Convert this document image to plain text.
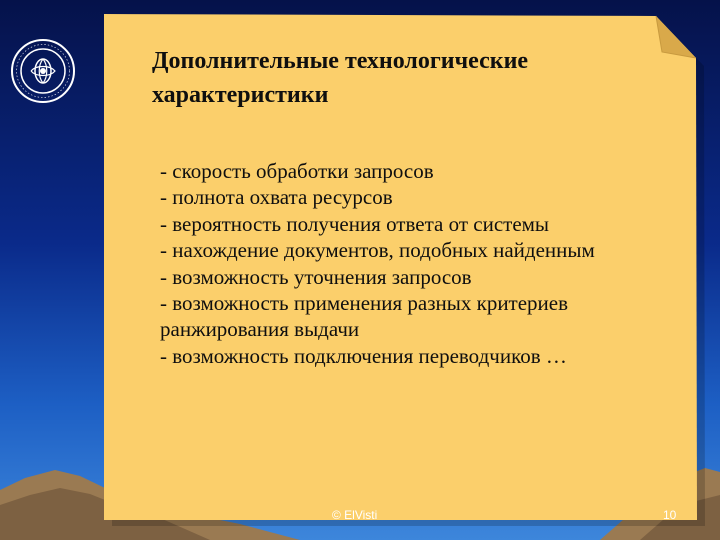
Дополнительные технологические характеристики
- скорость обработки запросов
- полнота охвата ресурсов
- вероятность получения ответа от системы
- нахождение документов, подобных найденным
- возможность уточнения запросов
- возможность применения разных критериев ранжирования выдачи
- возможность подключения переводчиков …
© ElVisti	10
